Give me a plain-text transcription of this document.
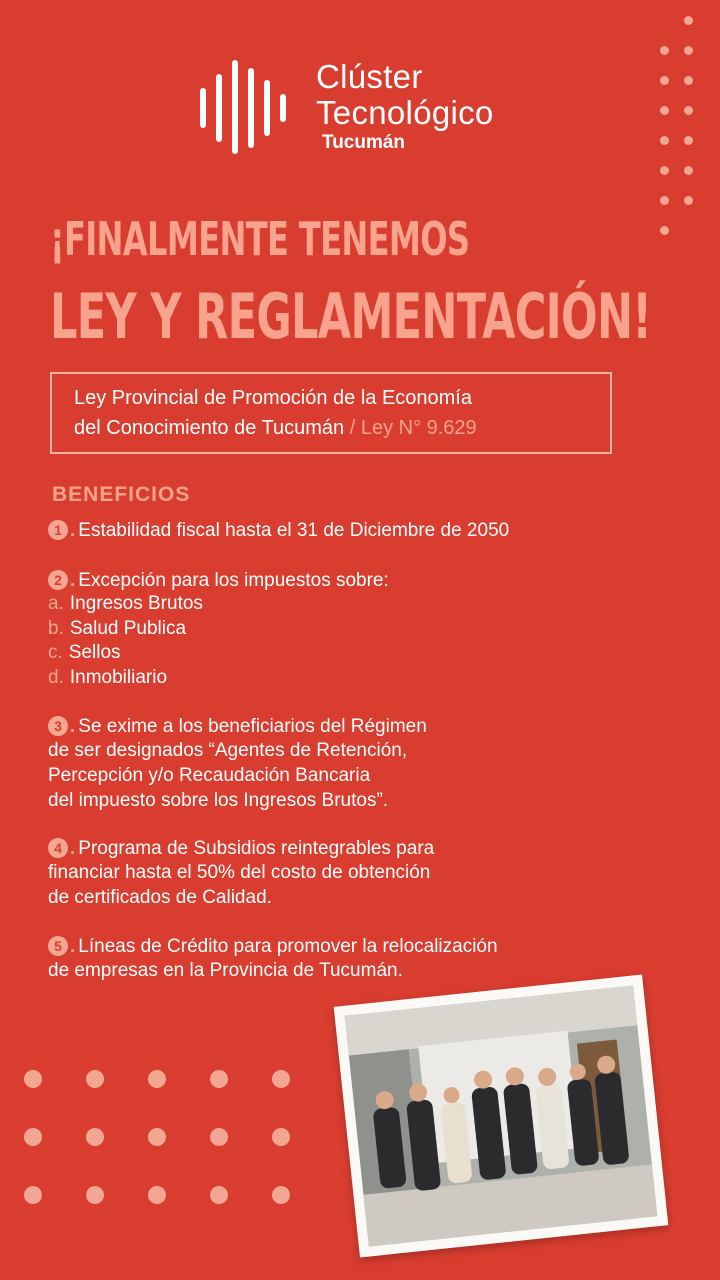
Clúster
Tecnológico
Tucumán
¡FINALMENTE TENEMOS
LEY Y REGLAMENTACIÓN!
Ley Provincial de Promoción de la Economía
del Conocimiento de Tucumán / Ley N° 9.629
BENEFICIOS
1 . Estabilidad fiscal hasta el 31 de Diciembre de 2050
2 . Excepción para los impuestos sobre:
a. Ingresos Brutos
b. Salud Publica
c. Sellos
d. Inmobiliario
3 . Se exime a los beneficiarios del Régimen
de ser designados “Agentes de Retención,
Percepción y/o Recaudación Bancaria
del impuesto sobre los Ingresos Brutos”.
4 . Programa de Subsidios reintegrables para
financiar hasta el 50% del costo de obtención
de certificados de Calidad.
5 . Líneas de Crédito para promover la relocalización
de empresas en la Provincia de Tucumán.
